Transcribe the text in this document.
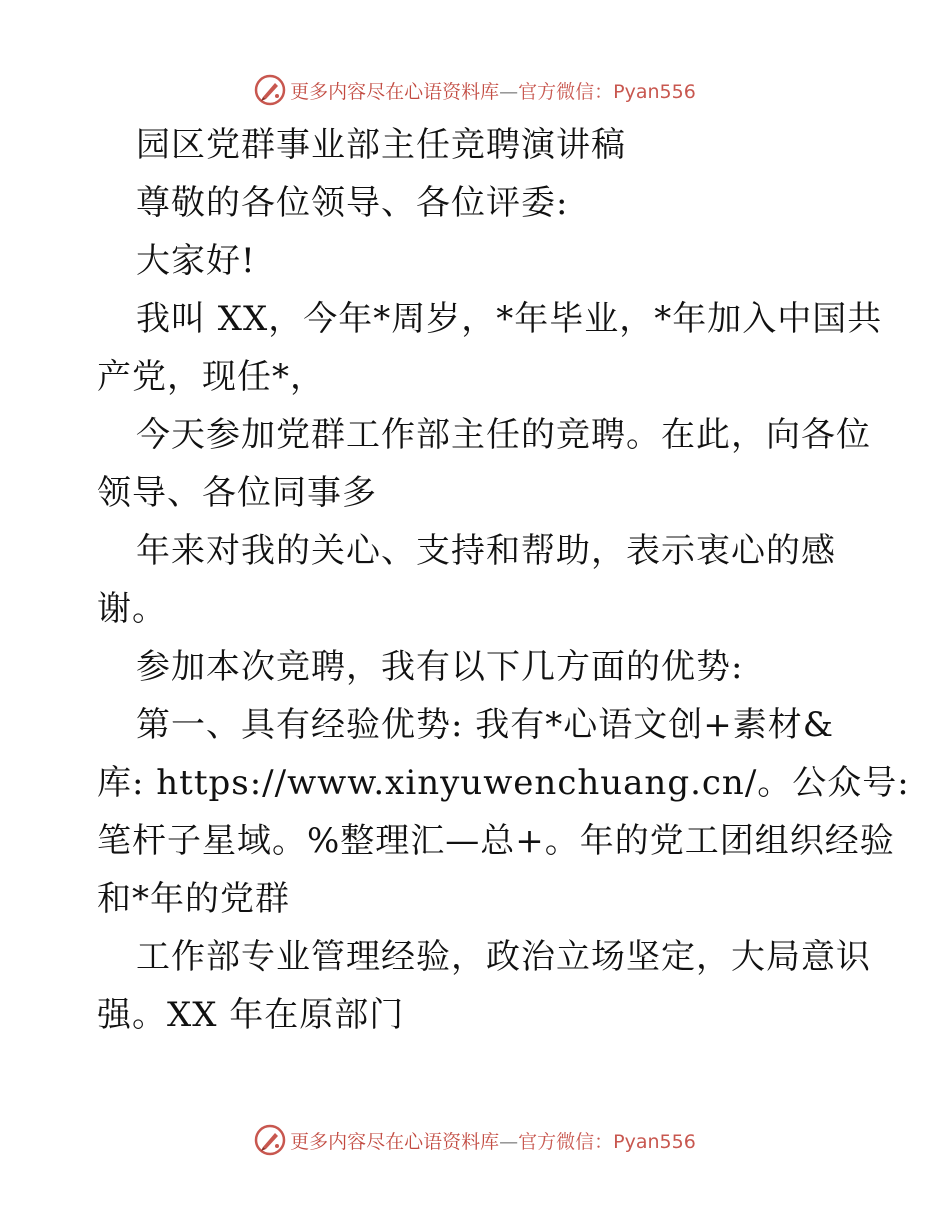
更多内容尽在心语资料库—官方微信：Pyan556
园区党群事业部主任竞聘演讲稿
尊敬的各位领导、各位评委:
大家好!
我叫 XX，今年*周岁，*年毕业，*年加入中国共
产党，现任*，
今天参加党群工作部主任的竞聘。在此，向各位
领导、各位同事多
年来对我的关心、支持和帮助，表示衷心的感
谢。
参加本次竞聘，我有以下几方面的优势:
第一、具有经验优势: 我有*心语文创+素材&
库: https://www.xinyuwenchuang.cn/。公众号:
笔杆子星域。%整理汇—总+。年的党工团组织经验
和*年的党群
工作部专业管理经验，政治立场坚定，大局意识
强。XX 年在原部门
更多内容尽在心语资料库—官方微信：Pyan556
